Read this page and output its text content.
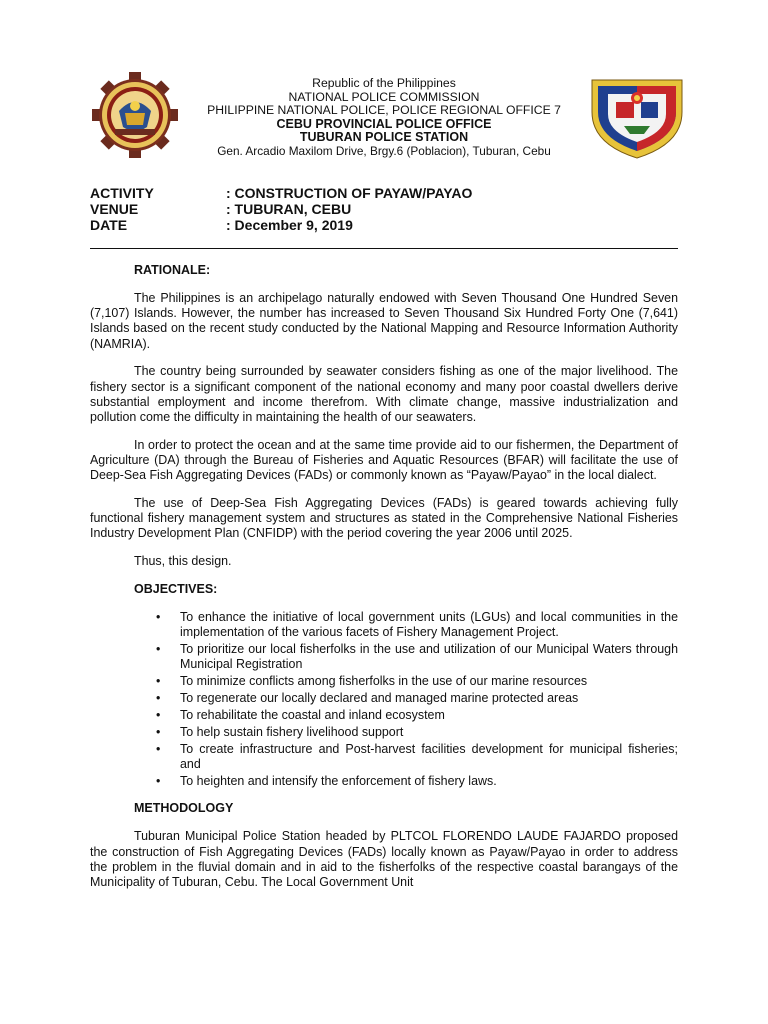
Republic of the Philippines
NATIONAL POLICE COMMISSION
PHILIPPINE NATIONAL POLICE, POLICE REGIONAL OFFICE 7
CEBU PROVINCIAL POLICE OFFICE
TUBURAN POLICE STATION
Gen. Arcadio Maxilom Drive, Brgy.6 (Poblacion), Tuburan, Cebu
ACTIVITY	: CONSTRUCTION OF PAYAW/PAYAO
VENUE	: TUBURAN, CEBU
DATE	: December 9, 2019
RATIONALE:

The Philippines is an archipelago naturally endowed with Seven Thousand One Hundred Seven (7,107) Islands. However, the number has increased to Seven Thousand Six Hundred Forty One (7,641) Islands based on the recent study conducted by the National Mapping and Resource Information Authority (NAMRIA).

The country being surrounded by seawater considers fishing as one of the major livelihood. The fishery sector is a significant component of the national economy and many poor coastal dwellers derive substantial employment and income therefrom. With climate change, massive industrialization and pollution come the difficulty in maintaining the health of our seawaters.

In order to protect the ocean and at the same time provide aid to our fishermen, the Department of Agriculture (DA) through the Bureau of Fisheries and Aquatic Resources (BFAR) will facilitate the use of Deep-Sea Fish Aggregating Devices (FADs) or commonly known as “Payaw/Payao” in the local dialect.

The use of Deep-Sea Fish Aggregating Devices (FADs) is geared towards achieving fully functional fishery management system and structures as stated in the Comprehensive National Fisheries Industry Development Plan (CNFIDP) with the period covering the year 2006 until 2025.

Thus, this design.

OBJECTIVES:
• To enhance the initiative of local government units (LGUs) and local communities in the implementation of the various facets of Fishery Management Project.
• To prioritize our local fisherfolks in the use and utilization of our Municipal Waters through Municipal Registration
• To minimize conflicts among fisherfolks in the use of our marine resources
• To regenerate our locally declared and managed marine protected areas
• To rehabilitate the coastal and inland ecosystem
• To help sustain fishery livelihood support
• To create infrastructure and Post-harvest facilities development for municipal fisheries; and
• To heighten and intensify the enforcement of fishery laws.
METHODOLOGY

Tuburan Municipal Police Station headed by PLTCOL FLORENDO LAUDE FAJARDO proposed the construction of Fish Aggregating Devices (FADs) locally known as Payaw/Payao in order to address the problem in the fluvial domain and in aid to the fisherfolks of the respective coastal barangays of the Municipality of Tuburan, Cebu. The Local Government Unit
